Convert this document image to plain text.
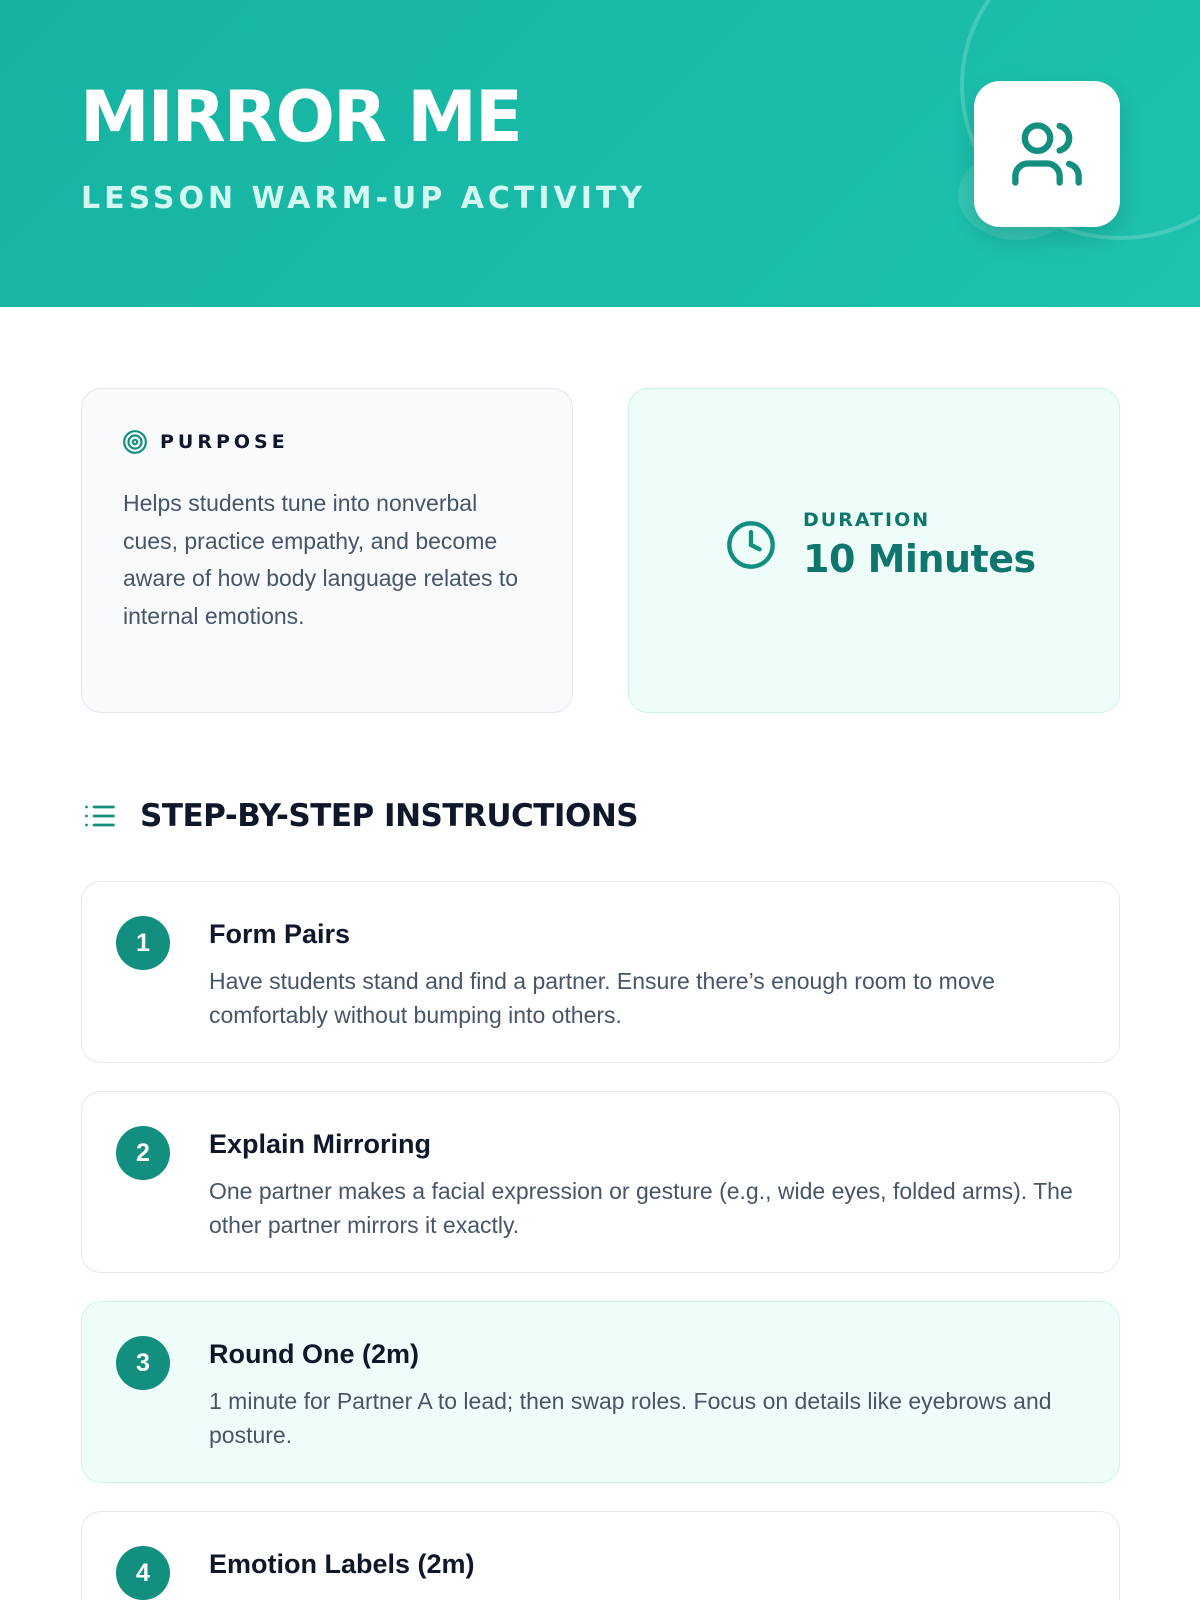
MIRROR ME
LESSON WARM-UP ACTIVITY
PURPOSE

Helps students tune into nonverbal cues, practice empathy, and become aware of how body language relates to internal emotions.

DURATION
10 Minutes
STEP-BY-STEP INSTRUCTIONS
1	Form Pairs
Have students stand and find a partner. Ensure there’s enough room to move comfortably without bumping into others.
2	Explain Mirroring
One partner makes a facial expression or gesture (e.g., wide eyes, folded arms). The other partner mirrors it exactly.
3	Round One (2m)
1 minute for Partner A to lead; then swap roles. Focus on details like eyebrows and posture.
4	Emotion Labels (2m)
